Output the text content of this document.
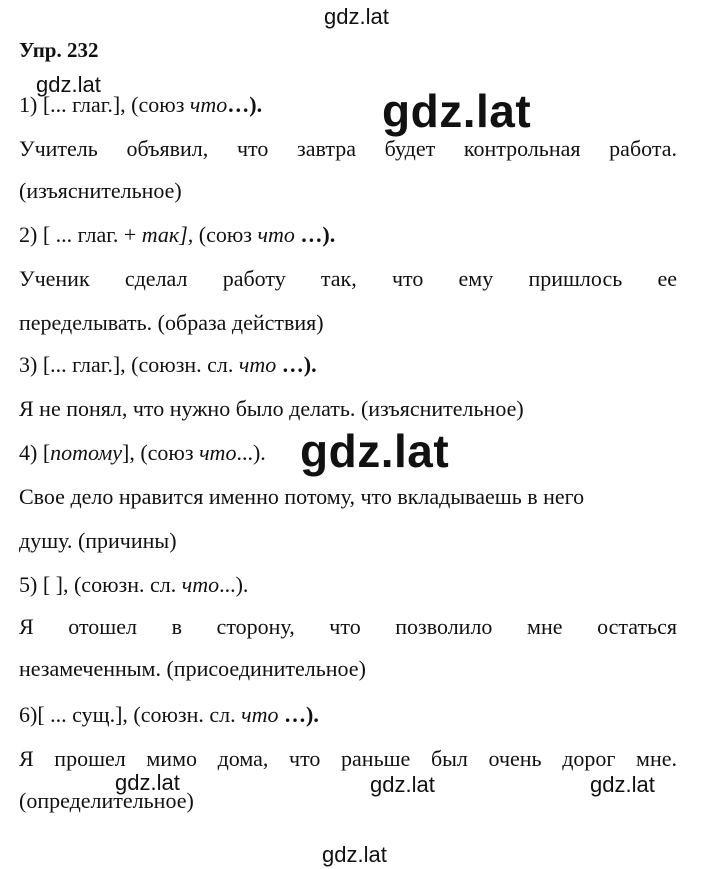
gdz.lat
gdz.lat
gdz.lat
gdz.lat
gdz.lat	gdz.lat	gdz.lat
gdz.lat
Упр. 232
1) [... глаг.], (союз что…).
Учитель объявил, что завтра будет контрольная работа.
(изъяснительное)
2) [ ... глаг. + так], (союз что …).
Ученик сделал работу так, что ему пришлось ее
переделывать. (образа действия)
3) [... глаг.], (союзн. сл. что …).
Я не понял, что нужно было делать. (изъяснительное)
4) [потому], (союз что...).
Свое дело нравится именно потому, что вкладываешь в него
душу. (причины)
5) [ ], (союзн. сл. что...).
Я отошел в сторону, что позволило мне остаться
незамеченным. (присоединительное)
6)[ ... сущ.], (союзн. сл. что …).
Я прошел мимо дома, что раньше был очень дорог мне.
(определительное)
